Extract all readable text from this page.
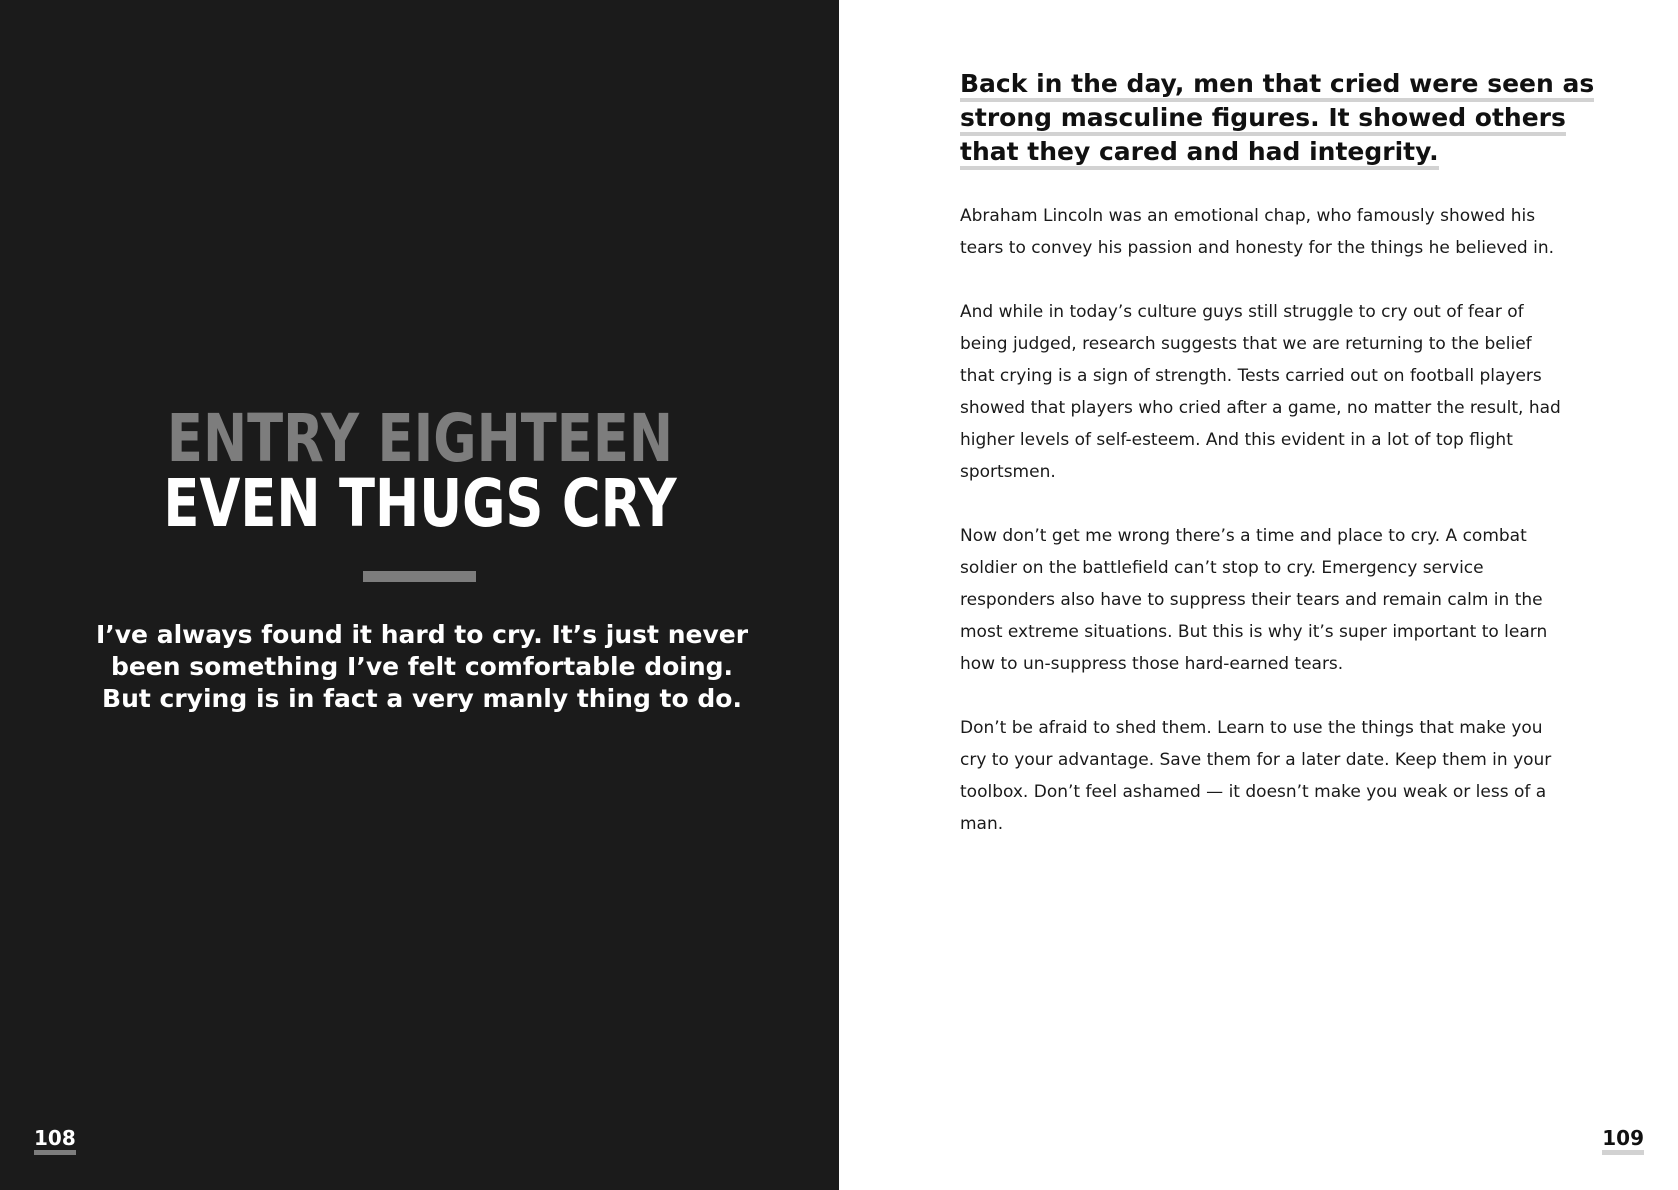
ENTRY EIGHTEEN
EVEN THUGS CRY

I’ve always found it hard to cry. It’s just never been something I’ve felt comfortable doing. But crying is in fact a very manly thing to do.

108
Back in the day, men that cried were seen as
strong masculine figures. It showed others
that they cared and had integrity.

Abraham Lincoln was an emotional chap, who famously showed his tears to convey his passion and honesty for the things he believed in.

And while in today’s culture guys still struggle to cry out of fear of being judged, research suggests that we are returning to the belief that crying is a sign of strength. Tests carried out on football players showed that players who cried after a game, no matter the result, had higher levels of self-esteem. And this evident in a lot of top flight sportsmen.

Now don’t get me wrong there’s a time and place to cry. A combat soldier on the battlefield can’t stop to cry. Emergency service responders also have to suppress their tears and remain calm in the most extreme situations. But this is why it’s super important to learn how to un-suppress those hard-earned tears.

Don’t be afraid to shed them. Learn to use the things that make you cry to your advantage. Save them for a later date. Keep them in your toolbox. Don’t feel ashamed — it doesn’t make you weak or less of a man.

109
